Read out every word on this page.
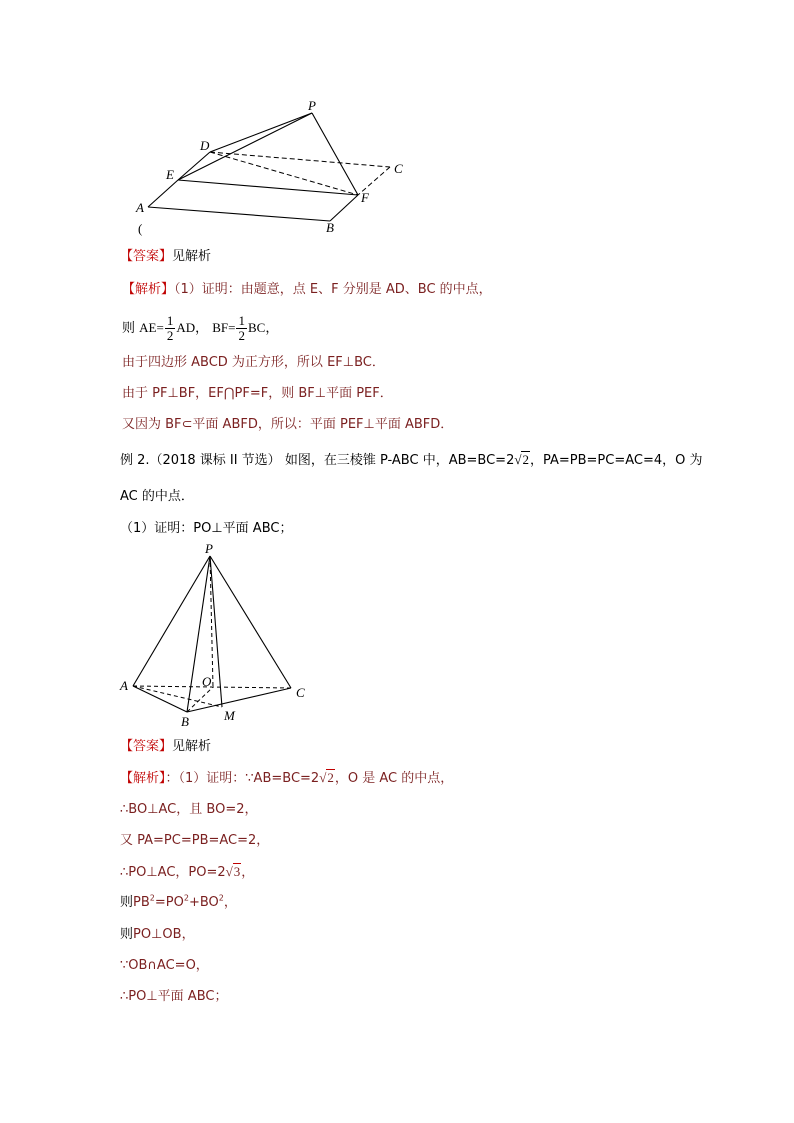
P
D
C
E
F
A
B
(
【答案】见解析
【解析】（1）证明：由题意，点 E、F 分别是 AD、BC 的中点，
则 $AE= \frac{1}{2}$ AD， $BF= \frac{1}{2}$ BC，
由于四边形 ABCD 为正方形，所以 EF⊥BC．
由于 PF⊥BF，EF⋂PF=F，则 BF⊥平面 PEF．
又因为 BF⊂平面 ABFD，所以：平面 PEF⊥平面 ABFD．
例 2.（2018 课标 II 节选） 如图，在三棱锥 P-ABC 中，AB=BC=2√2，PA=PB=PC=AC=4，O 为
AC 的中点．
（1）证明：PO⊥平面 ABC；
P
A	O
C
B	M
【答案】见解析
【解析】：（1）证明：∵AB=BC=2√2，O 是 AC 的中点，
∴BO⊥AC，且 BO=2，
又 PA=PC=PB=AC=2，
∴PO⊥AC，PO=2√3，
则$PB^2=PO^2+BO^2$，
则PO⊥OB，
∵OB∩AC=O，
∴PO⊥平面 ABC；
